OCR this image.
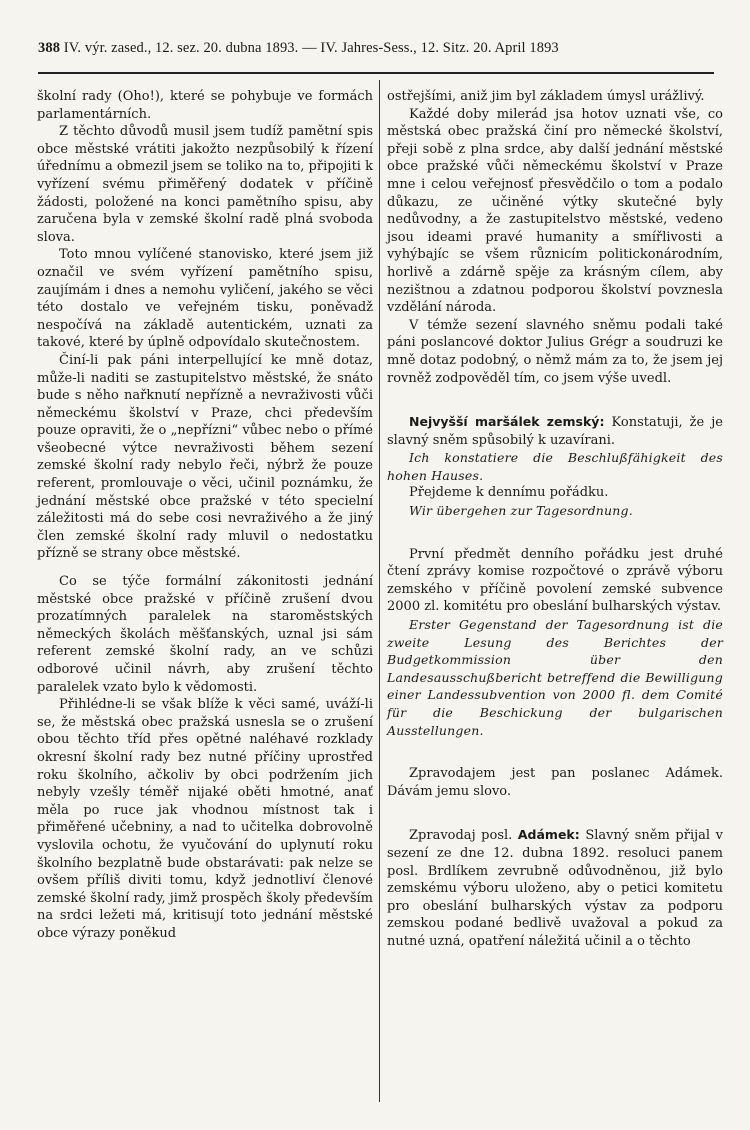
388 IV. výr. zased., 12. sez. 20. dubna 1893. — IV. Jahres-Sess., 12. Sitz. 20. April 1893

školní rady (Oho!), které se pohybuje ve formách parlamentárních.

Z těchto důvodů musil jsem tudíž pamětní spis obce městské vrátiti jakožto nezpůsobilý k řízení úřednímu a obmezil jsem se toliko na to, připojiti k vyřízení svému přiměřený dodatek v příčině žádosti, položené na konci pamětního spisu, aby zaručena byla v zemské školní radě plná svoboda slova.

Toto mnou vylíčené stanovisko, které jsem již označil ve svém vyřízení pamětního spisu, zaujímám i dnes a nemohu vyličení, jakého se věci této dostalo ve veřejném tisku, poněvadž nespočívá na základě autentickém, uznati za takové, které by úplně odpovídalo skutečnostem.

Činí-li pak páni interpellující ke mně dotaz, může-li naditi se zastupitelstvo městské, že snáto bude s něho nařknutí nepřízně a nevraživosti vůči německému školství v Praze, chci především pouze opraviti, že o „nepřízni“ vůbec nebo o přímé všeobecné výtce nevraživosti během sezení zemské školní rady nebylo řeči, nýbrž že pouze referent, promlouvaje o věci, učinil poznámku, že jednání městské obce pražské v této specielní záležitosti má do sebe cosi nevraživého a že jiný člen zemské školní rady mluvil o nedostatku přízně se strany obce městské.

Co se týče formální zákonitosti jednání městské obce pražské v příčině zrušení dvou prozatímných paralelek na staroměstských německých školách měšťanských, uznal jsi sám referent zemské školní rady, an ve schůzi odborové učinil návrh, aby zrušení těchto paralelek vzato bylo k vědomosti.

Přihlédne-li se však blíže k věci samé, uváží-li se, že městská obec pražská usnesla se o zrušení obou těchto tříd přes opětné naléhavé rozklady okresní školní rady bez nutné příčiny uprostřed roku školního, ačkoliv by obci podržením jich nebyly vzešly téměř nijaké oběti hmotné, anať měla po ruce jak vhodnou místnost tak i přiměřené učebniny, a nad to učitelka dobrovolně vyslovila ochotu, že vyučování do uplynutí roku školního bezplatně bude obstarávati: pak nelze se ovšem příliš diviti tomu, když jednotliví členové zemské školní rady, jimž prospěch školy především na srdci ležeti má, kritisují toto jednání městské obce výrazy poněkud

ostřejšími, aniž jim byl základem úmysl urážlivý.

Každé doby milerád jsa hotov uznati vše, co městská obec pražská činí pro německé školství, přeji sobě z plna srdce, aby další jednání městské obce pražské vůči německému školství v Praze mne i celou veřejnosť přesvědčilo o tom a podalo důkazu, ze učiněné výtky skutečné byly nedůvodny, a že zastupitelstvo městské, vedeno jsou ideami pravé humanity a smířlivosti a vyhýbajíc se všem různicím politickonárodním, horlivě a zdárně spěje za krásným cílem, aby nezištnou a zdatnou podporou školství povznesla vzdělání národa.

V témže sezení slavného sněmu podali také páni poslancové doktor Julius Grégr a soudruzi ke mně dotaz podobný, o němž mám za to, že jsem jej rovněž zodpověděl tím, co jsem výše uvedl.

Nejvyšší maršálek zemský: Konstatuji, že je slavný sněm spůsobilý k uzavírani.

Ich konstatiere die Beschlußfähigkeit des hohen Hauses.

Přejdeme k dennímu pořádku.

Wir übergehen zur Tagesordnung.

První předmět denního pořádku jest druhé čtení zprávy komise rozpočtové o zprávě výboru zemského v příčině povolení zemské subvence 2000 zl. komitétu pro obeslání bulharských výstav.

Erster Gegenstand der Tagesordnung ist die zweite Lesung des Berichtes der Budgetkommission über den Landesausschußbericht betreffend die Bewilligung einer Landessubvention von 2000 fl. dem Comité für die Beschickung der bulgarischen Ausstellungen.

Zpravodajem jest pan poslanec Adámek. Dávám jemu slovo.

Zpravodaj posl. Adámek: Slavný sněm přijal v sezení ze dne 12. dubna 1892. resoluci panem posl. Brdlíkem zevrubně odůvodněnou, již bylo zemskému výboru uloženo, aby o petici komitetu pro obeslání bulharských výstav za podporu zemskou podané bedlivě uvažoval a pokud za nutné uzná, opatření náležitá učinil a o těchto
